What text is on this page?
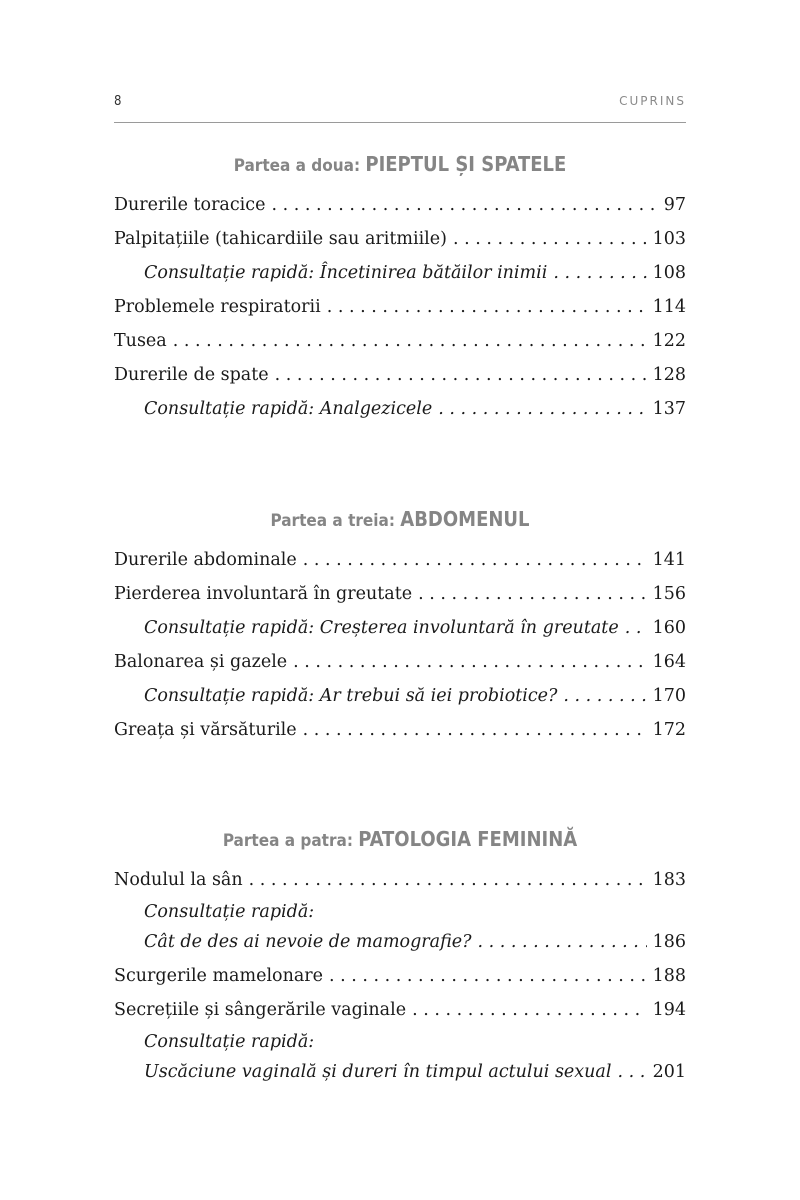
8	CUPRINS
Partea a doua: PIEPTUL ȘI SPATELE
Durerile toracice . . .	97
Palpitațiile (tahicardiile sau aritmiile) . . .	103
Consultație rapidă: Încetinirea bătăilor inimii . . .	108
Problemele respiratorii . . .	114
Tusea . . .	122
Durerile de spate . . .	128
Consultație rapidă: Analgezicele . . .	137
Partea a treia: ABDOMENUL
Durerile abdominale . . .	141
Pierderea involuntară în greutate . . .	156
Consultație rapidă: Creșterea involuntară în greutate . . . 160
Balonarea și gazele . . .	164
Consultație rapidă: Ar trebui să iei probiotice? . . .	170
Greața și vărsăturile . . .	172
Partea a patra: PATOLOGIA FEMININĂ
Nodulul la sân . . .	183
Consultație rapidă:
Cât de des ai nevoie de mamografie? . . .	186
Scurgerile mamelonare . . .	188
Secrețiile și sângerările vaginale . . .	194
Consultație rapidă:
Uscăciune vaginală și dureri în timpul actului sexual . . . 201
